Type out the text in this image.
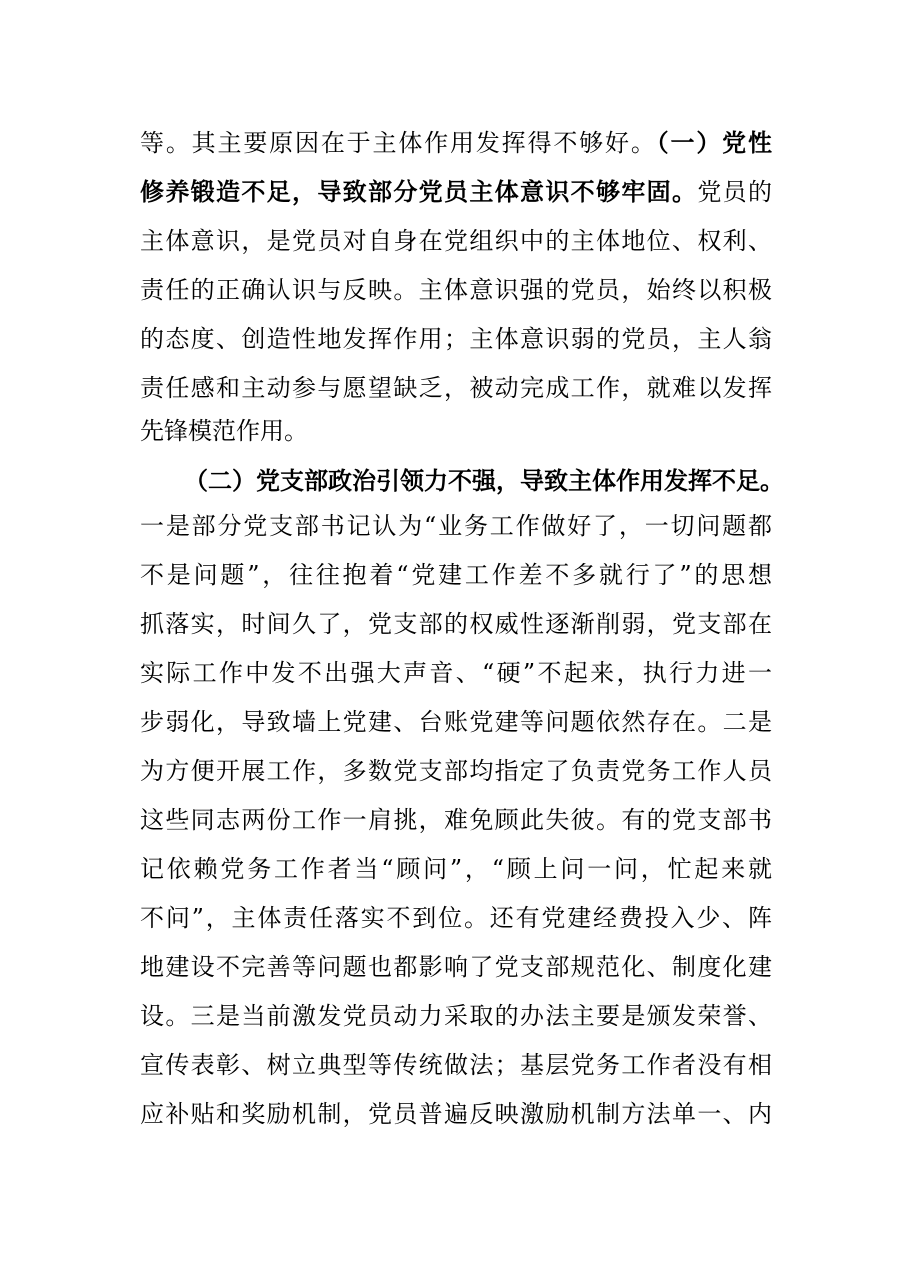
等。其主要原因在于主体作用发挥得不够好。（一）党性
修养锻造不足，导致部分党员主体意识不够牢固。党员的
主体意识，是党员对自身在党组织中的主体地位、权利、
责任的正确认识与反映。主体意识强的党员，始终以积极
的态度、创造性地发挥作用；主体意识弱的党员，主人翁
责任感和主动参与愿望缺乏，被动完成工作，就难以发挥
先锋模范作用。
（二）党支部政治引领力不强，导致主体作用发挥不足。
一是部分党支部书记认为“业务工作做好了，一切问题都
不是问题”，往往抱着“党建工作差不多就行了”的思想
抓落实，时间久了，党支部的权威性逐渐削弱，党支部在
实际工作中发不出强大声音、“硬”不起来，执行力进一
步弱化，导致墙上党建、台账党建等问题依然存在。二是
为方便开展工作，多数党支部均指定了负责党务工作人员
这些同志两份工作一肩挑，难免顾此失彼。有的党支部书
记依赖党务工作者当“顾问”，“顾上问一问，忙起来就
不问”，主体责任落实不到位。还有党建经费投入少、阵
地建设不完善等问题也都影响了党支部规范化、制度化建
设。三是当前激发党员动力采取的办法主要是颁发荣誉、
宣传表彰、树立典型等传统做法；基层党务工作者没有相
应补贴和奖励机制，党员普遍反映激励机制方法单一、内
